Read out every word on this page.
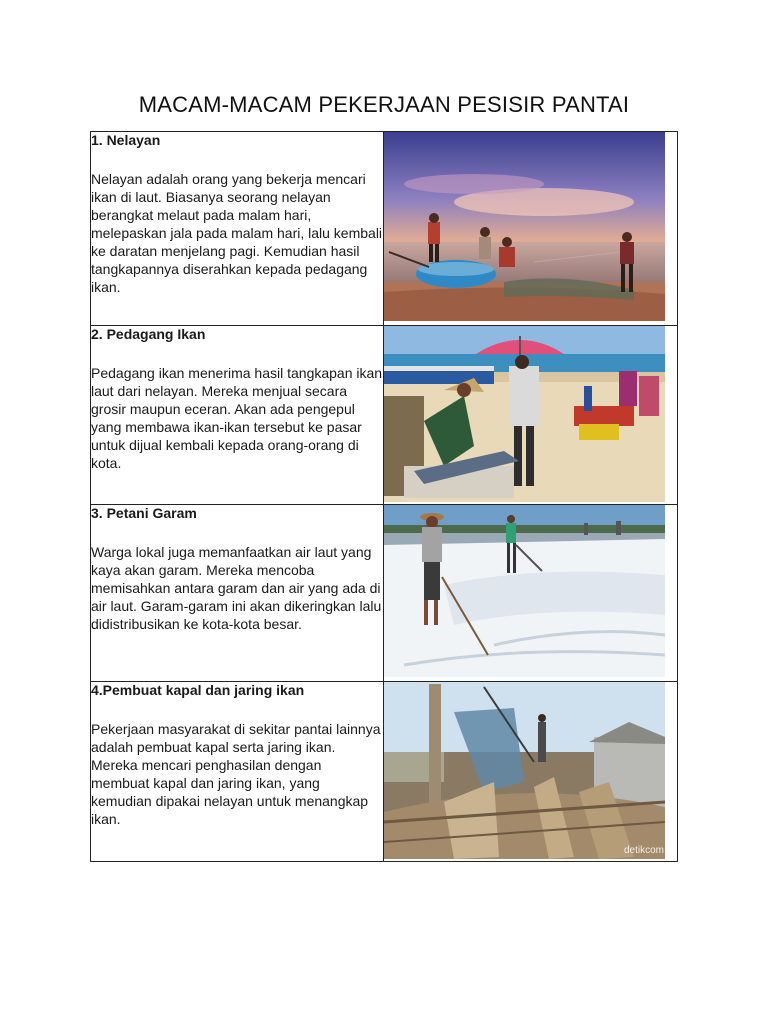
MACAM-MACAM PEKERJAAN PESISIR PANTAI

1. Nelayan

Nelayan adalah orang yang bekerja mencari ikan di laut. Biasanya seorang nelayan berangkat melaut pada malam hari, melepaskan jala pada malam hari, lalu kembali ke daratan menjelang pagi. Kemudian hasil tangkapannya diserahkan kepada pedagang ikan.

2. Pedagang Ikan

Pedagang ikan menerima hasil tangkapan ikan laut dari nelayan. Mereka menjual secara grosir maupun eceran. Akan ada pengepul yang membawa ikan-ikan tersebut ke pasar untuk dijual kembali kepada orang-orang di kota.

3. Petani Garam

Warga lokal juga memanfaatkan air laut yang kaya akan garam. Mereka mencoba memisahkan antara garam dan air yang ada di air laut. Garam-garam ini akan dikeringkan lalu didistribusikan ke kota-kota besar.

4.Pembuat kapal dan jaring ikan

Pekerjaan masyarakat di sekitar pantai lainnya adalah pembuat kapal serta jaring ikan. Mereka mencari penghasilan dengan membuat kapal dan jaring ikan, yang kemudian dipakai nelayan untuk menangkap ikan.	detikcom
